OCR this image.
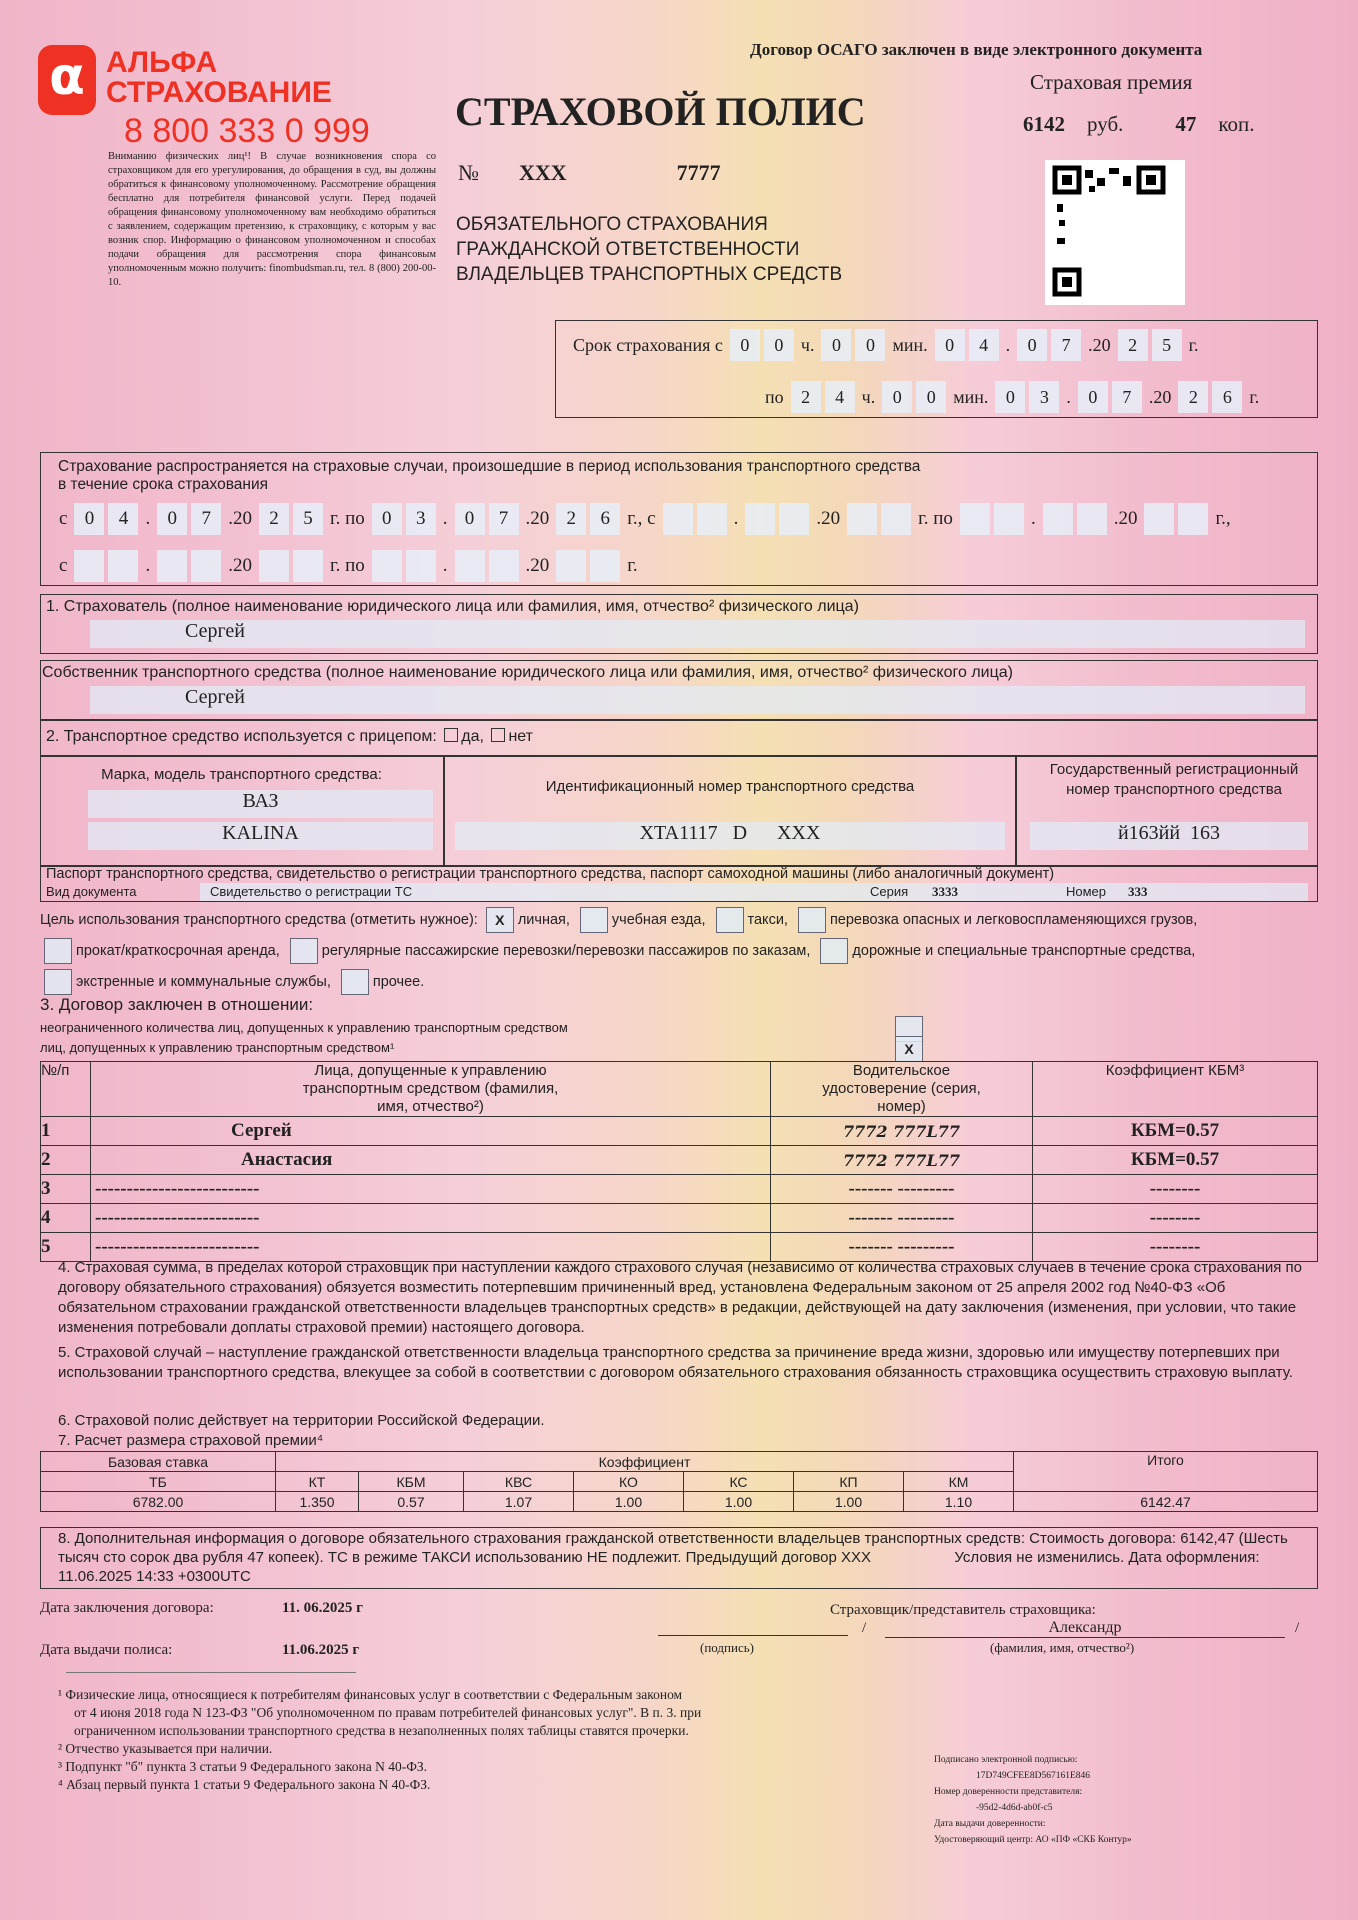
α АЛЬФА
СТРАХОВАНИЕ
8 800 333 0 999
Вниманию физических лиц¹! В случае возникновения спора со страховщиком для его урегулирования, до обращения в суд, вы должны обратиться к финансовому уполномоченному. Рассмотрение обращения бесплатно для потребителя финансовой услуги. Перед подачей обращения финансовому уполномоченному вам необходимо обратиться с заявлением, содержащим претензию, к страховщику, с которым у вас возник спор. Информацию о финансовом уполномоченном и способах подачи обращения для рассмотрения спора финансовым уполномоченным можно получить: finombudsman.ru, тел. 8 (800) 200-00-10.
Договор ОСАГО заключен в виде электронного документа
Страховая премия
6142 руб. 47 коп.
СТРАХОВОЙ ПОЛИС
№ XXX	7777
ОБЯЗАТЕЛЬНОГО СТРАХОВАНИЯ
ГРАЖДАНСКОЙ ОТВЕТСТВЕННОСТИ
ВЛАДЕЛЬЦЕВ ТРАНСПОРТНЫХ СРЕДСТВ
Срок страхования с 0	0 ч. 0	0 мин. 0	4 . 0	7 .20 2	5 г.
по 2	4 ч. 0	0 мин. 0	3 . 0	7 .20 2	6 г.
Страхование распространяется на страховые случаи, произошедшие в период использования транспортного средства
в течение срока страхования
с 0	4 . 0	7 .20 2	5 г. по 0	3 . 0	7 .20 2	6 г., с	.	.20	г. по	.	.20	г.,
с	.	.20	г. по	.	.20	г.
1. Страхователь (полное наименование юридического лица или фамилия, имя, отчество² физического лица)
Сергей
Собственник транспортного средства (полное наименование юридического лица или фамилия, имя, отчество² физического лица)
Сергей
2. Транспортное средство используется с прицепом: да, нет
Марка, модель транспортного средства:
ВАЗ
KALINA
Идентификационный номер транспортного средства
XTA1117   D      XXX
Государственный регистрационный номер транспортного средства
й163йй  163
Паспорт транспортного средства, свидетельство о регистрации транспортного средства, паспорт самоходной машины (либо аналогичный документ)
Вид документа	Свидетельство о регистрации ТС	Серия 3333	Номер 333
Цель использования транспортного средства (отметить нужное): X личная,	учебная езда,	такси,	перевозка опасных и легковоспламеняющихся грузов,
прокат/краткосрочная аренда,	регулярные пассажирские перевозки/перевозки пассажиров по заказам,	дорожные и специальные транспортные средства,
экстренные и коммунальные службы,	прочее.
3. Договор заключен в отношении:
неограниченного количества лиц, допущенных к управлению транспортным средством
лиц, допущенных к управлению транспортным средством¹	X
№/п	Лица, допущенные к управлению транспортным средством (фамилия, имя, отчество²)	Водительское удостоверение (серия, номер)	Коэффициент КБМ³
1	Сергей	7772 777L77	КБМ=0.57
2	Анастасия	7772 777L77	КБМ=0.57
3	--------------------------	------- ---------	--------
4	--------------------------	------- ---------	--------
5	--------------------------	------- ---------	--------
4. Страховая сумма, в пределах которой страховщик при наступлении каждого страхового случая (независимо от количества страховых случаев в течение срока страхования по договору обязательного страхования) обязуется возместить потерпевшим причиненный вред, установлена Федеральным законом от 25 апреля 2002 год №40-ФЗ «Об обязательном страховании гражданской ответственности владельцев транспортных средств» в редакции, действующей на дату заключения (изменения, при условии, что такие изменения потребовали доплаты страховой премии) настоящего договора.
5. Страховой случай – наступление гражданской ответственности владельца транспортного средства за причинение вреда жизни, здоровью или имуществу потерпевших при использовании транспортного средства, влекущее за собой в соответствии с договором обязательного страхования обязанность страховщика осуществить страховую выплату.
6. Страховой полис действует на территории Российской Федерации.
7. Расчет размера страховой премии⁴
Базовая ставка	Коэффициент							Итого
ТБ	КТ	КБМ	КВС	КО	КС	КП	КМ	
6782.00	1.350	0.57	1.07	1.00	1.00	1.00	1.10	6142.47
8. Дополнительная информация о договоре обязательного страхования гражданской ответственности владельцев транспортных средств: Стоимость договора: 6142,47 (Шесть тысяч сто сорок два рубля 47 копеек). ТС в режиме ТАКСИ использованию НЕ подлежит. Предыдущий договор XXX                    Условия не изменились. Дата оформления: 11.06.2025 14:33 +0300UTC
Дата заключения договора:	11. 06.2025 г
Дата выдачи полиса:	11.06.2025 г
Страховщик/представитель страховщика:
/	Александр	/
(подпись)	(фамилия, имя, отчество²)
¹ Физические лица, относящиеся к потребителям финансовых услуг в соответствии с Федеральным законом
от 4 июня 2018 года N 123-ФЗ "Об уполномоченном по правам потребителей финансовых услуг". В п. 3. при
ограниченном использовании транспортного средства в незаполненных полях таблицы ставятся прочерки.
² Отчество указывается при наличии.
³ Подпункт "б" пункта 3 статьи 9 Федерального закона N 40-ФЗ.
⁴ Абзац первый пункта 1 статьи 9 Федерального закона N 40-ФЗ.
Подписано электронной подписью:
17D749CFEE8D567161E846
Номер доверенности представителя:
-95d2-4d6d-ab0f-c5
Дата выдачи доверенности:
Удостоверяющий центр: АО «ПФ «СКБ Контур»
